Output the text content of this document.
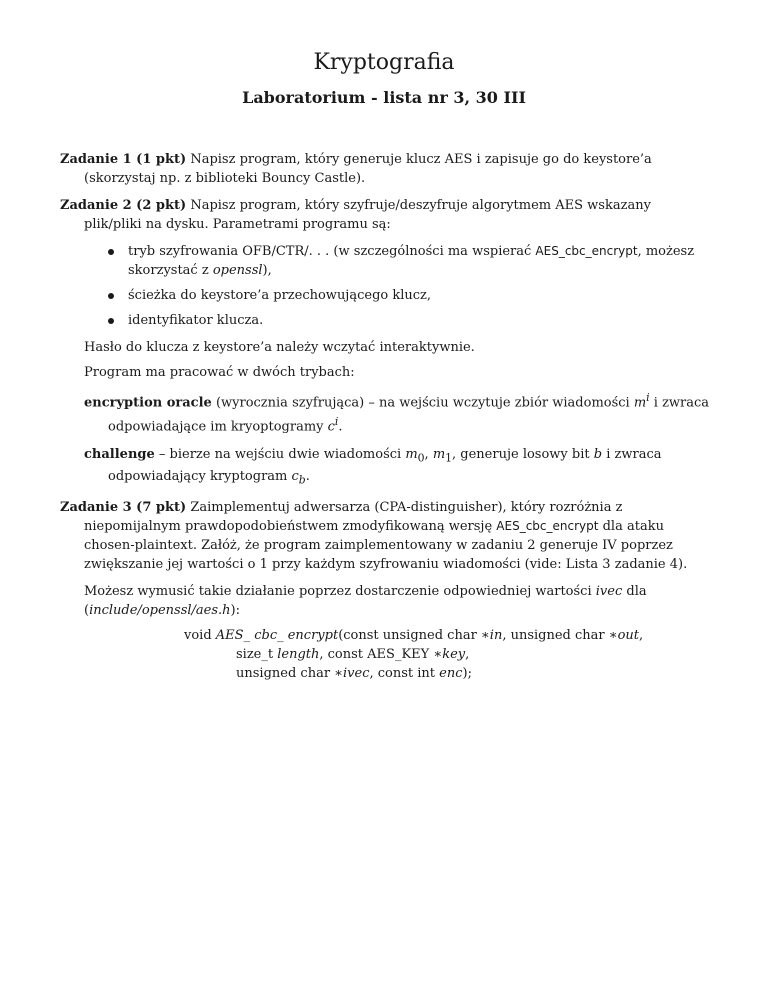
Kryptografia
Laboratorium - lista nr 3, 30 III

Zadanie 1 (1 pkt) Napisz program, który generuje klucz AES i zapisuje go do keystore’a (skorzystaj np. z biblioteki Bouncy Castle).

Zadanie 2 (2 pkt) Napisz program, który szyfruje/deszyfruje algorytmem AES wskazany plik/pliki na dysku. Parametrami programu są:

tryb szyfrowania OFB/CTR/. . . (w szczególności ma wspierać AES_cbc_encrypt, możesz skorzystać z openssl),
ścieżka do keystore’a przechowującego klucz,
identyfikator klucza.

Hasło do klucza z keystore’a należy wczytać interaktywnie.

Program ma pracować w dwóch trybach:

encryption oracle (wyrocznia szyfrująca) – na wejściu wczytuje zbiór wiadomości $m^i$ i zwraca odpowiadające im kryoptogramy $c^i$.

challenge – bierze na wejściu dwie wiadomości $m_0$, $m_1$, generuje losowy bit b i zwraca odpowiadający kryptogram $c_b$.

Zadanie 3 (7 pkt) Zaimplementuj adwersarza (CPA-distinguisher), który rozróżnia z niepomijalnym prawdopodobieństwem zmodyfikowaną wersję AES_cbc_encrypt dla ataku chosen-plaintext. Załóż, że program zaimplementowany w zadaniu 2 generuje IV poprzez zwiększanie jej wartości o 1 przy każdym szyfrowaniu wiadomości (vide: Lista 3 zadanie 4).

Możesz wymusić takie działanie poprzez dostarczenie odpowiedniej wartości ivec dla (include/openssl/aes.h):

void AES_ cbc_ encrypt(const unsigned char ∗in, unsigned char ∗out,
size_t length, const AES_KEY ∗key,
unsigned char ∗ivec, const int enc);
